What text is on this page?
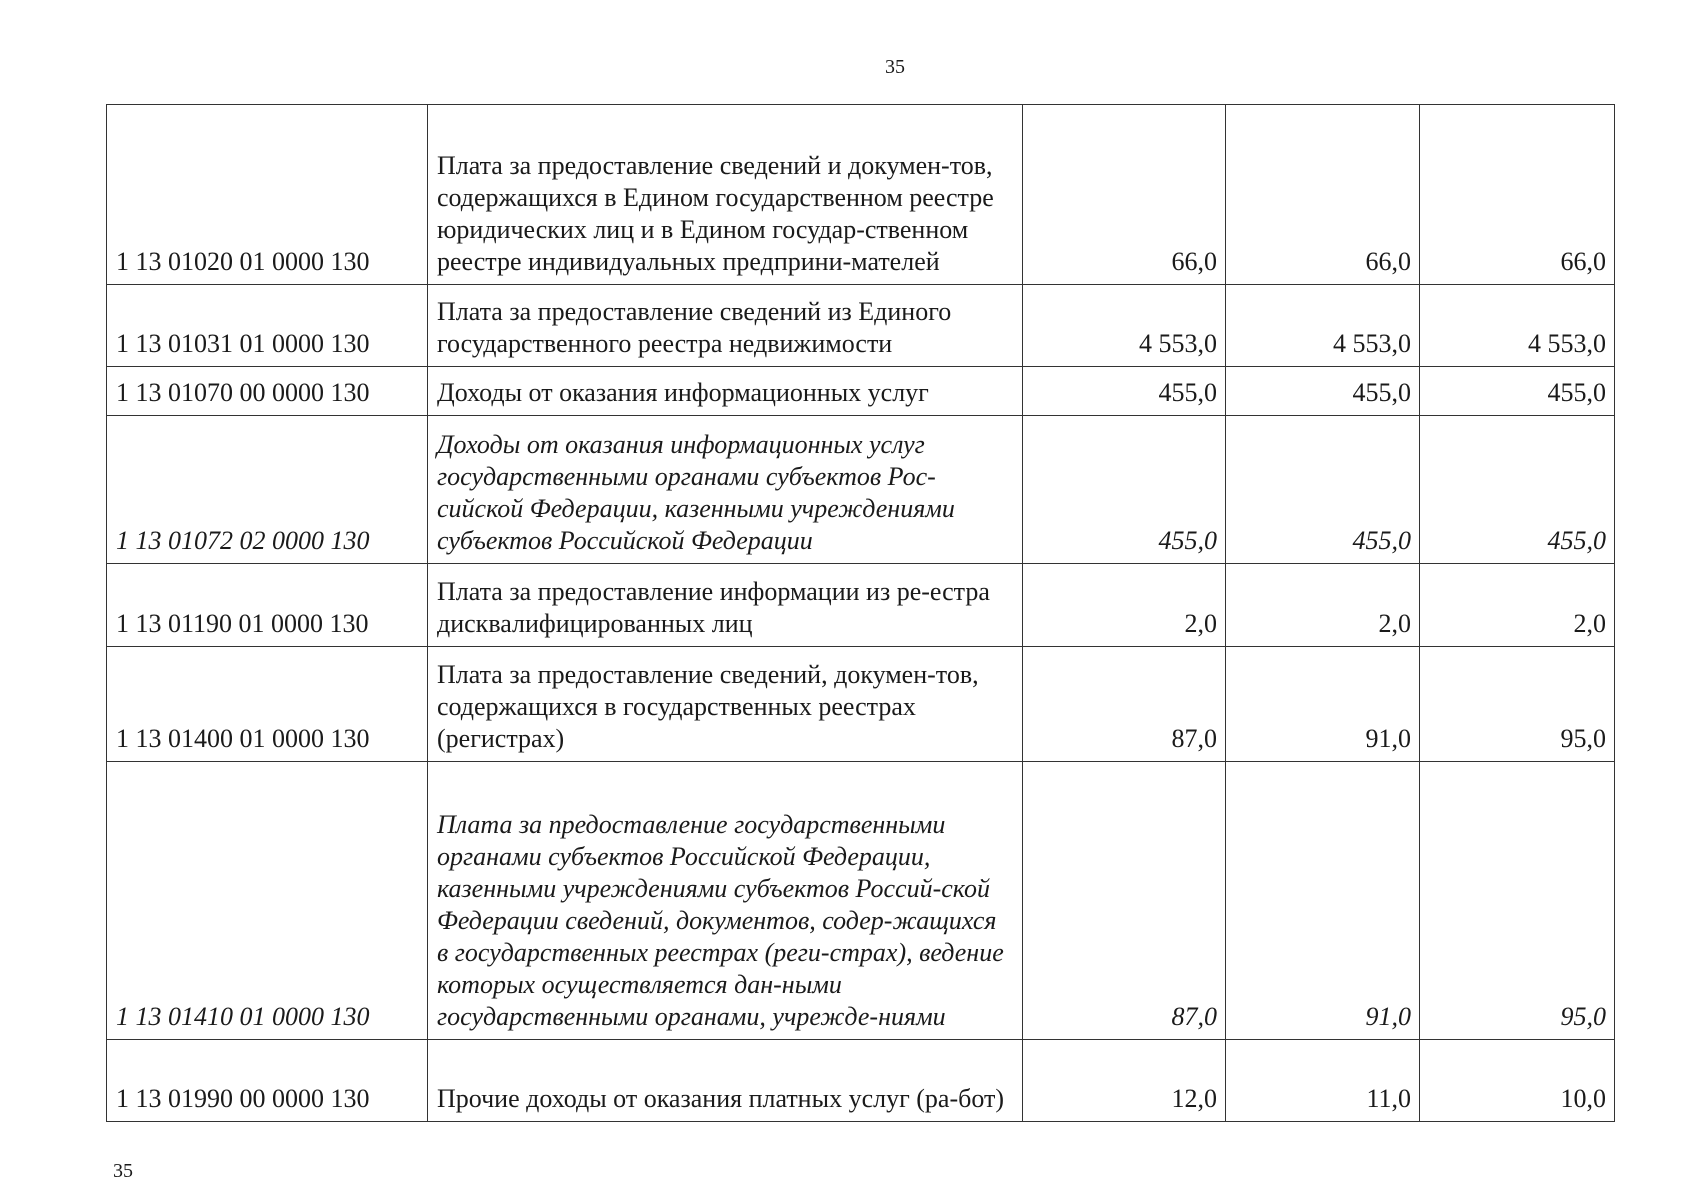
35
1 13 01020 01 0000 130	Плата за предоставление сведений и докумен-тов, содержащихся в Едином государственном реестре юридических лиц и в Едином государ-ственном реестре индивидуальных предприни-мателей	66,0	66,0	66,0
1 13 01031 01 0000 130	Плата за предоставление сведений из Единого государственного реестра недвижимости	4 553,0	4 553,0	4 553,0
1 13 01070 00 0000 130	Доходы от оказания информационных услуг	455,0	455,0	455,0
1 13 01072 02 0000 130	Доходы от оказания информационных услуг государственными органами субъектов Рос-сийской Федерации, казенными учреждениями субъектов Российской Федерации	455,0	455,0	455,0
1 13 01190 01 0000 130	Плата за предоставление информации из ре-естра дисквалифицированных лиц	2,0	2,0	2,0
1 13 01400 01 0000 130	Плата за предоставление сведений, докумен-тов, содержащихся в государственных реестрах (регистрах)	87,0	91,0	95,0
1 13 01410 01 0000 130	Плата за предоставление государственными органами субъектов Российской Федерации, казенными учреждениями субъектов Россий-ской Федерации сведений, документов, содер-жащихся в государственных реестрах (реги-страх), ведение которых осуществляется дан-ными государственными органами, учрежде-ниями	87,0	91,0	95,0
1 13 01990 00 0000 130	Прочие доходы от оказания платных услуг (ра-бот)	12,0	11,0	10,0
35
